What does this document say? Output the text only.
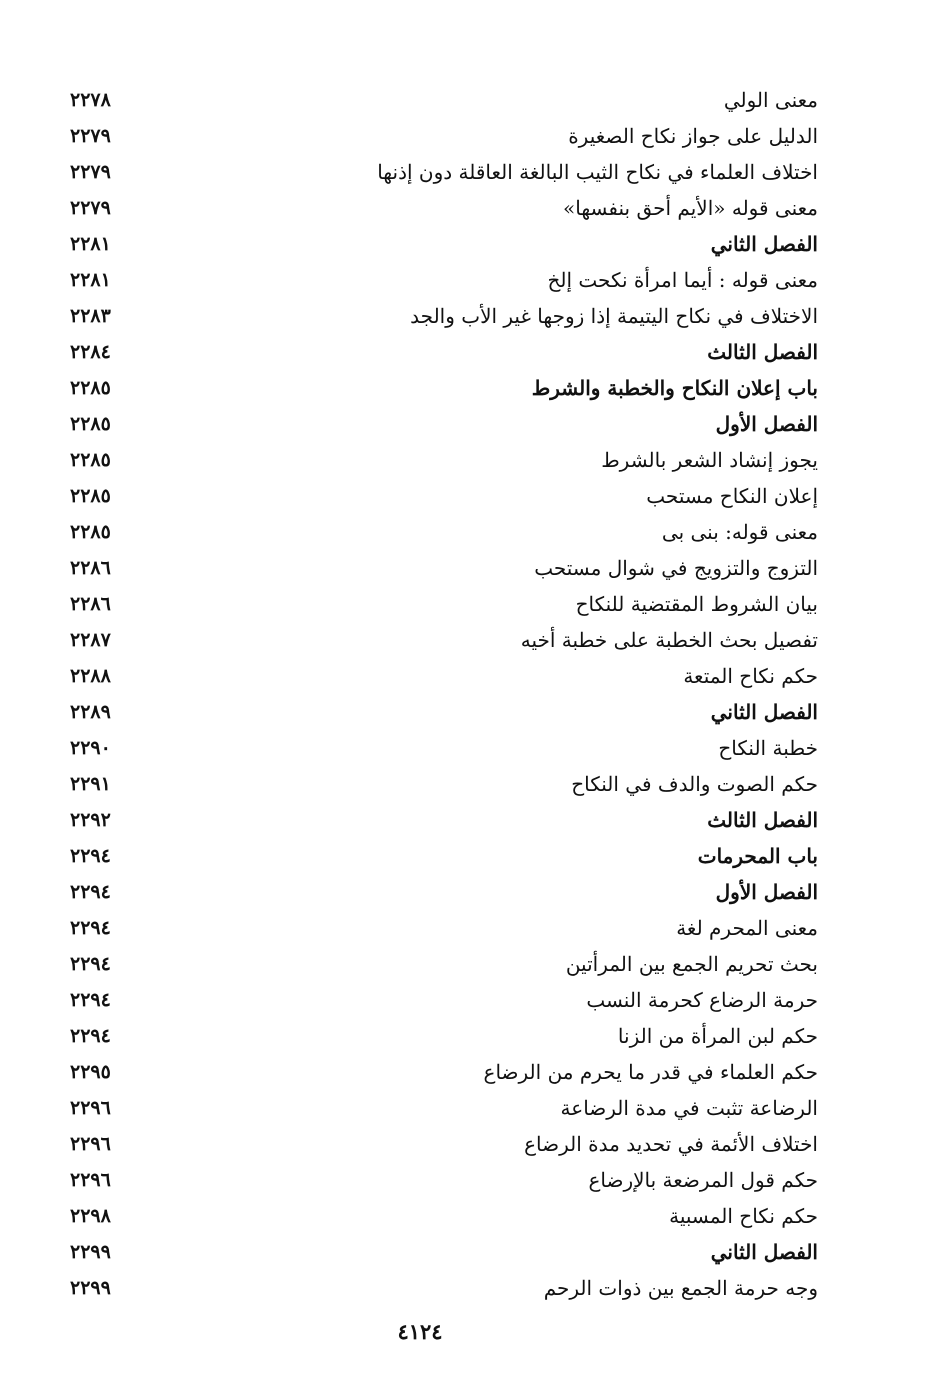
معنى الولي
٢٢٧٨
الدليل على جواز نكاح الصغيرة
٢٢٧٩
اختلاف العلماء في نكاح الثيب البالغة العاقلة دون إذنها
٢٢٧٩
معنى قوله «الأيم أحق بنفسها»
٢٢٧٩
الفصل الثاني
٢٢٨١
معنى قوله : أيما امرأة نكحت إلخ
٢٢٨١
الاختلاف في نكاح اليتيمة إذا زوجها غير الأب والجد
٢٢٨٣
الفصل الثالث
٢٢٨٤
باب إعلان النكاح والخطبة والشرط
٢٢٨٥
الفصل الأول
٢٢٨٥
يجوز إنشاد الشعر بالشرط
٢٢٨٥
إعلان النكاح مستحب
٢٢٨٥
معنى قوله: بنى بى
٢٢٨٥
التزوج والتزويج في شوال مستحب
٢٢٨٦
بيان الشروط المقتضية للنكاح
٢٢٨٦
تفصيل بحث الخطبة على خطبة أخيه
٢٢٨٧
حكم نكاح المتعة
٢٢٨٨
الفصل الثاني
٢٢٨٩
خطبة النكاح
٢٢٩٠
حكم الصوت والدف في النكاح
٢٢٩١
الفصل الثالث
٢٢٩٢
باب المحرمات
٢٢٩٤
الفصل الأول
٢٢٩٤
معنى المحرم لغة
٢٢٩٤
بحث تحريم الجمع بين المرأتين
٢٢٩٤
حرمة الرضاع كحرمة النسب
٢٢٩٤
حكم لبن المرأة من الزنا
٢٢٩٤
حكم العلماء في قدر ما يحرم من الرضاع
٢٢٩٥
الرضاعة تثبت في مدة الرضاعة
٢٢٩٦
اختلاف الأئمة في تحديد مدة الرضاع
٢٢٩٦
حكم قول المرضعة بالإرضاع
٢٢٩٦
حكم نكاح المسبية
٢٢٩٨
الفصل الثاني
٢٢٩٩
وجه حرمة الجمع بين ذوات الرحم
٢٢٩٩
٤١٢٤
